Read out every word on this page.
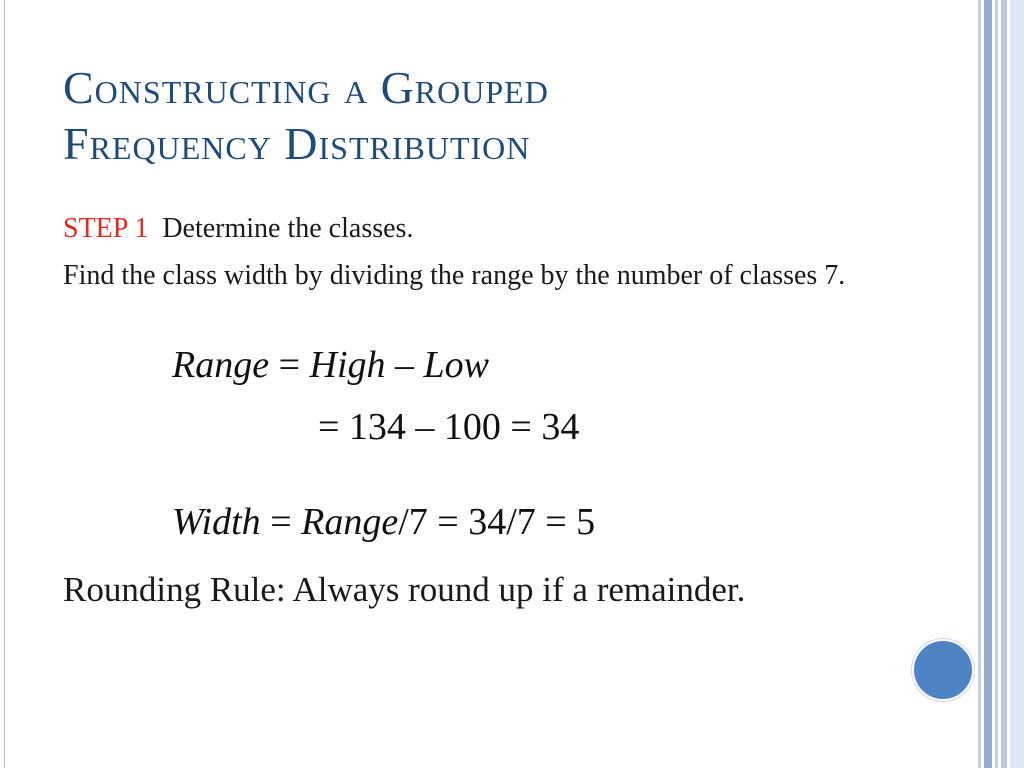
Constructing a Grouped
Frequency Distribution
STEP 1 Determine the classes.
Find the class width by dividing the range by the number of classes 7.
Range = High – Low
= 134 – 100 = 34
Width = Range/7 = 34/7 = 5
Rounding Rule: Always round up if a remainder.
